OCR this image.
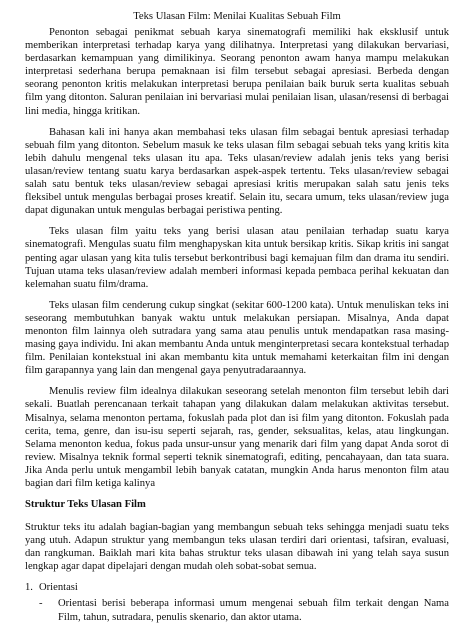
Teks Ulasan Film: Menilai Kualitas Sebuah Film

Penonton sebagai penikmat sebuah karya sinematografi memiliki hak eksklusif untuk memberikan interpretasi terhadap karya yang dilihatnya. Interpretasi yang dilakukan bervariasi, berdasarkan kemampuan yang dimilikinya. Seorang penonton awam hanya mampu melakukan interpretasi sederhana berupa pemaknaan isi film tersebut sebagai apresiasi. Berbeda dengan seorang penonton kritis melakukan interpretasi berupa penilaian baik buruk serta kualitas sebuah film yang ditonton. Saluran penilaian ini bervariasi mulai penilaian lisan, ulasan/resensi di berbagai lini media, hingga kritikan.

Bahasan kali ini hanya akan membahasi teks ulasan film sebagai bentuk apresiasi terhadap sebuah film yang ditonton. Sebelum masuk ke teks ulasan film sebagai sebuah teks yang kritis kita lebih dahulu mengenal teks ulasan itu apa. Teks ulasan/review adalah jenis teks yang berisi ulasan/review tentang suatu karya berdasarkan aspek-aspek tertentu. Teks ulasan/review sebagai salah satu bentuk teks ulasan/review sebagai apresiasi kritis merupakan salah satu jenis teks fleksibel untuk mengulas berbagai proses kreatif. Selain itu, secara umum, teks ulasan/review juga dapat digunakan untuk mengulas berbagai peristiwa penting.

Teks ulasan film yaitu teks yang berisi ulasan atau penilaian terhadap suatu karya sinematografi. Mengulas suatu film menghaруskan kita untuk bersikap kritis. Sikap kritis ini sangat penting agar ulasan yang kita tulis tersebut berkontribusi bagi kemajuan film dan drama itu sendiri. Tujuan utama teks ulasan/review adalah memberi informasi kepada pembaca perihal kekuatan dan kelemahan suatu film/drama.

Teks ulasan film cenderung cukup singkat (sekitar 600-1200 kata). Untuk menuliskan teks ini seseorang membutuhkan banyak waktu untuk melakukan persiapan. Misalnya, Anda dapat menonton film lainnya oleh sutradara yang sama atau penulis untuk mendapatkan rasa masing-masing gaya individu. Ini akan membantu Anda untuk menginterpretasi secara kontekstual terhadap film. Penilaian kontekstual ini akan membantu kita untuk memahami keterkaitan film ini dengan film garapannya yang lain dan mengenal gaya penyutradaraannya.

Menulis review film idealnya dilakukan seseorang setelah menonton film tersebut lebih dari sekali. Buatlah perencanaan terkait tahapan yang dilakukan dalam melakukan aktivitas tersebut. Misalnya, selama menonton pertama, fokuslah pada plot dan isi film yang ditonton. Fokuslah pada cerita, tema, genre, dan isu-isu seperti sejarah, ras, gender, seksualitas, kelas, atau lingkungan. Selama menonton kedua, fokus pada unsur-unsur yang menarik dari film yang dapat Anda sorot di review. Misalnya teknik formal seperti teknik sinematografi, editing, pencahayaan, dan tata suara. Jika Anda perlu untuk mengambil lebih banyak catatan, mungkin Anda harus menonton film atau bagian dari film ketiga kalinya

Struktur Teks Ulasan Film

Struktur teks itu adalah bagian-bagian yang membangun sebuah teks sehingga menjadi suatu teks yang utuh. Adapun struktur yang membangun teks ulasan terdiri dari orientasi, tafsiran, evaluasi, dan rangkuman. Baiklah mari kita bahas struktur teks ulasan dibawah ini yang telah saya susun lengkap agar dapat dipelajari dengan mudah oleh sobat-sobat semua.

1. Orientasi
-	Orientasi berisi beberapa informasi umum mengenai sebuah film terkait dengan Nama Film, tahun, sutradara, penulis skenario, dan aktor utama.
